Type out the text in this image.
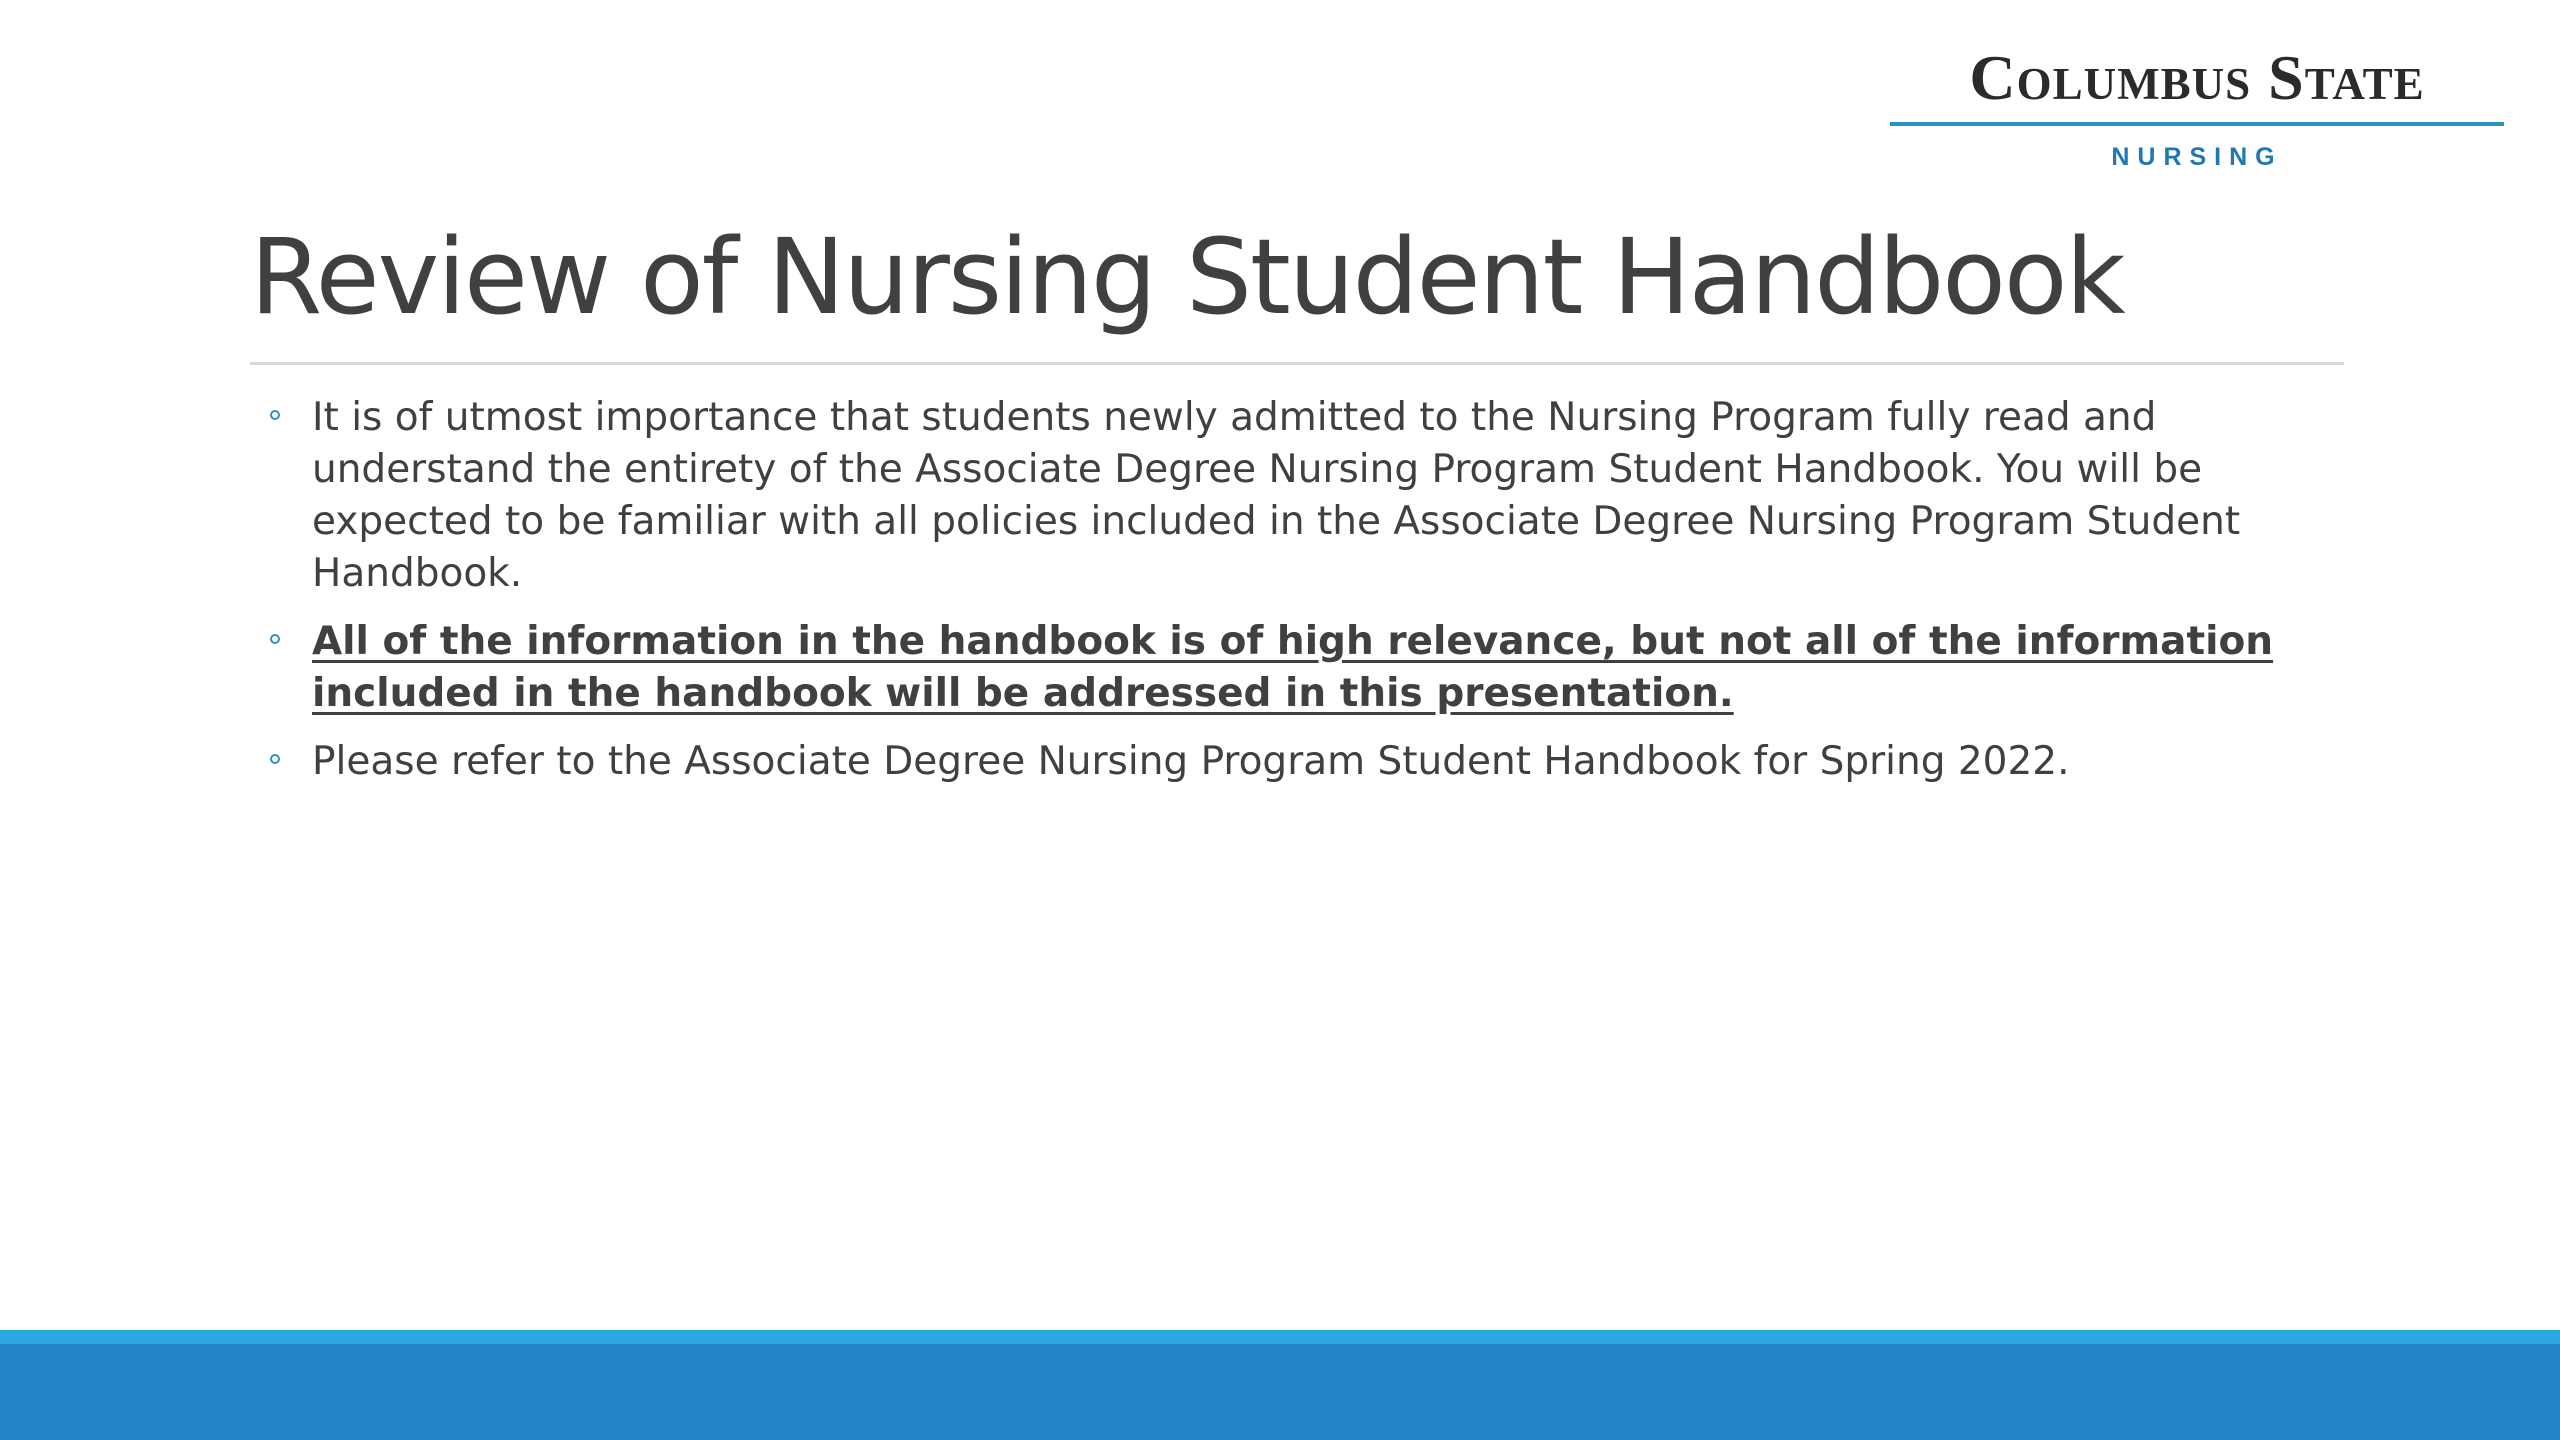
Columbus State
NURSING
Review of Nursing Student Handbook
It is of utmost importance that students newly admitted to the Nursing Program fully read and understand the entirety of the Associate Degree Nursing Program Student Handbook. You will be expected to be familiar with all policies included in the Associate Degree Nursing Program Student Handbook.
All of the information in the handbook is of high relevance, but not all of the information included in the handbook will be addressed in this presentation.
Please refer to the Associate Degree Nursing Program Student Handbook for Spring 2022.
